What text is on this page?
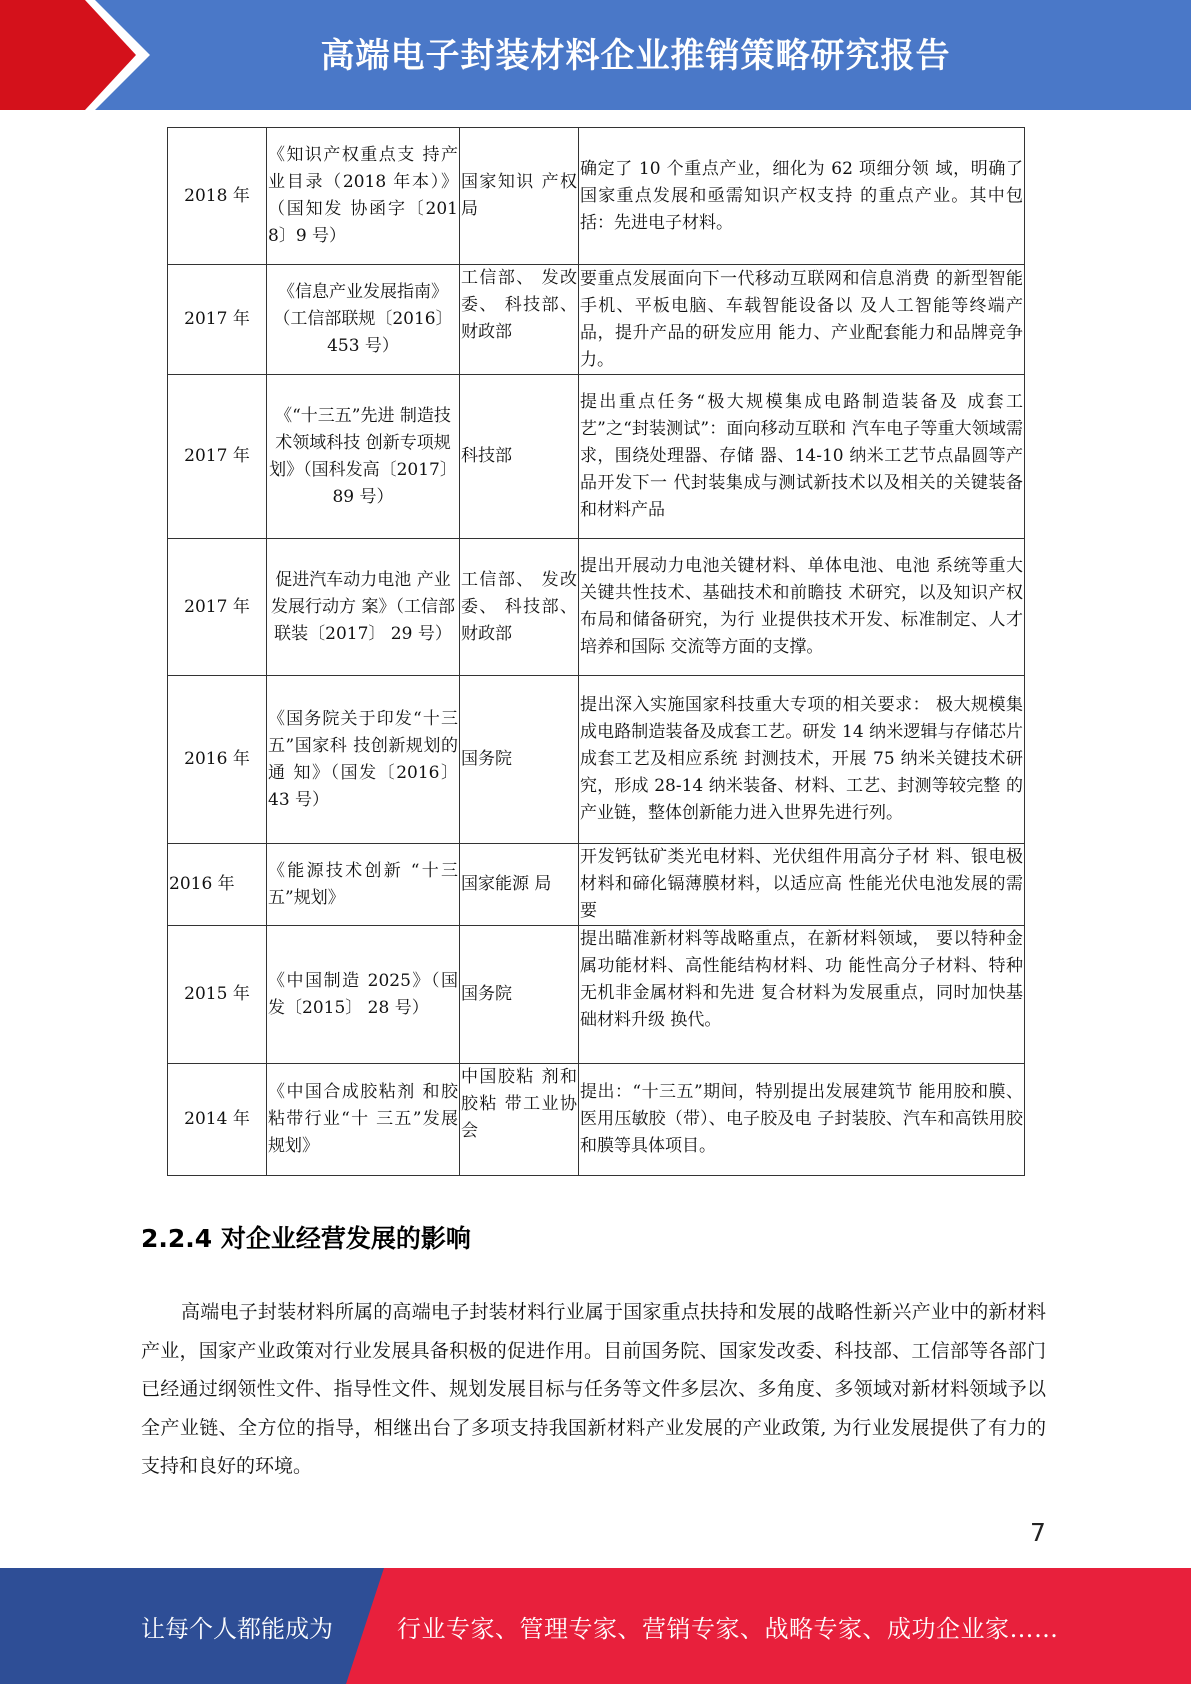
高端电子封装材料企业推销策略研究报告
2018 年	《知识产权重点支 持产业目录（2018 年本）》（国知发 协函字〔2018〕9 号）	国家知识 产权局	确定了 10 个重点产业，细化为 62 项细分领 域，明确了国家重点发展和亟需知识产权支持 的重点产业。其中包括：先进电子材料。
2017 年	《信息产业发展指南》（工信部联规〔2016〕 453 号）	工信部、 发改委、 科技部、 财政部	要重点发展面向下一代移动互联网和信息消费 的新型智能手机、平板电脑、车载智能设备以 及人工智能等终端产品，提升产品的研发应用 能力、产业配套能力和品牌竞争力。
2017 年	《“十三五”先进 制造技术领域科技 创新专项规划》（国科发高〔2017〕89 号）	科技部	提出重点任务“极大规模集成电路制造装备及 成套工艺”之“封装测试”：面向移动互联和 汽车电子等重大领域需求，围绕处理器、存储 器、14-10 纳米工艺节点晶圆等产品开发下一 代封装集成与测试新技术以及相关的关键装备 和材料产品
2017 年	促进汽车动力电池 产业发展行动方 案》（工信部联装〔2017〕 29 号）	工信部、 发改委、 科技部、 财政部	提出开展动力电池关键材料、单体电池、电池 系统等重大关键共性技术、基础技术和前瞻技 术研究，以及知识产权布局和储备研究，为行 业提供技术开发、标准制定、人才培养和国际 交流等方面的支撑。
2016 年	《国务院关于印发“十三五”国家科 技创新规划的通 知》（国发〔2016〕 43 号）	国务院	提出深入实施国家科技重大专项的相关要求： 极大规模集成电路制造装备及成套工艺。研发 14 纳米逻辑与存储芯片成套工艺及相应系统 封测技术，开展 75 纳米关键技术研究，形成 28-14 纳米装备、材料、工艺、封测等较完整 的产业链，整体创新能力进入世界先进行列。
2016 年	《能源技术创新 “十三五”规划》	国家能源 局	开发钙钛矿类光电材料、光伏组件用高分子材 料、银电极材料和碲化镉薄膜材料，以适应高 性能光伏电池发展的需要
2015 年	《中国制造 2025》（国发〔2015〕 28 号）	国务院	提出瞄准新材料等战略重点，在新材料领域， 要以特种金属功能材料、高性能结构材料、功 能性高分子材料、特种无机非金属材料和先进 复合材料为发展重点，同时加快基础材料升级 换代。
2014 年	《中国合成胶粘剂 和胶粘带行业“十 三五”发展规划》	中国胶粘 剂和胶粘 带工业协 会	提出：“十三五”期间，特别提出发展建筑节 能用胶和膜、医用压敏胶（带）、电子胶及电 子封装胶、汽车和高铁用胶和膜等具体项目。
2.2.4 对企业经营发展的影响

高端电子封装材料所属的高端电子封装材料行业属于国家重点扶持和发展的战略性新兴产业中的新材料产业，国家产业政策对行业发展具备积极的促进作用。目前国务院、国家发改委、科技部、工信部等各部门已经通过纲领性文件、指导性文件、规划发展目标与任务等文件多层次、多角度、多领域对新材料领域予以全产业链、全方位的指导，相继出台了多项支持我国新材料产业发展的产业政策, 为行业发展提供了有力的支持和良好的环境。

7
让每个人都能成为	行业专家、管理专家、营销专家、战略专家、成功企业家……
